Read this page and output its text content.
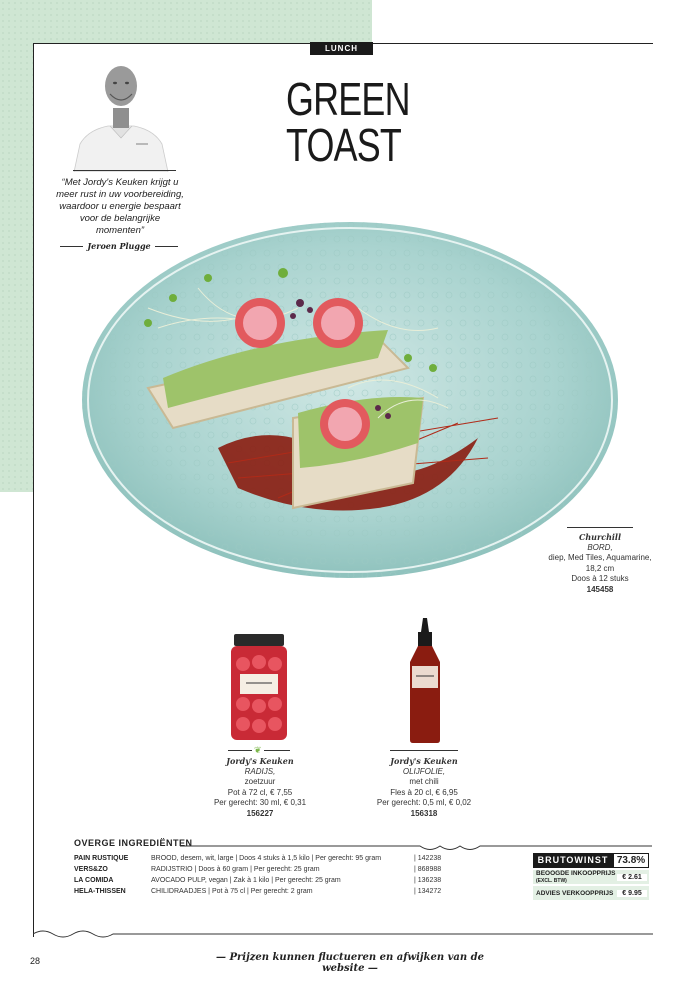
LUNCH
GREEN
TOAST
“Met Jordy's Keuken krijgt u meer rust in uw voorbereiding, waardoor u energie bespaart voor de belangrijke momenten”
Jeroen Plugge
Churchill
BORD,
diep, Med Tiles, Aquamarine,
18,2 cm
Doos à 12 stuks
145458
❦
Jordy's Keuken
RADIJS,
zoetzuur
Pot à 72 cl, € 7,55
Per gerecht: 30 ml, € 0,31
156227
Jordy's Keuken
OLIJFOLIE,
met chili
Fles à 20 cl, € 6,95
Per gerecht: 0,5 ml, € 0,02
156318
OVERGE INGREDIËNTEN
PAIN RUSTIQUE	BROOD, desem, wit, large | Doos 4 stuks à 1,5 kilo | Per gerecht: 95 gram	| 142238
VERS&ZO	RADIJSTRIO | Doos à 60 gram | Per gerecht: 25 gram	| 868988
LA COMIDA	AVOCADO PULP, vegan | Zak à 1 kilo | Per gerecht: 25 gram	| 136238
HELA-THISSEN	CHILIDRAADJES | Pot à 75 cl | Per gerecht: 2 gram	| 134272
BRUTOWINST 73.8%
BEOOGDE INKOOPPRIJS (EXCL. BTW)	€ 2.61
ADVIES VERKOOPPRIJS	€ 9.95
28	— Prijzen kunnen fluctueren en afwijken van de website —
